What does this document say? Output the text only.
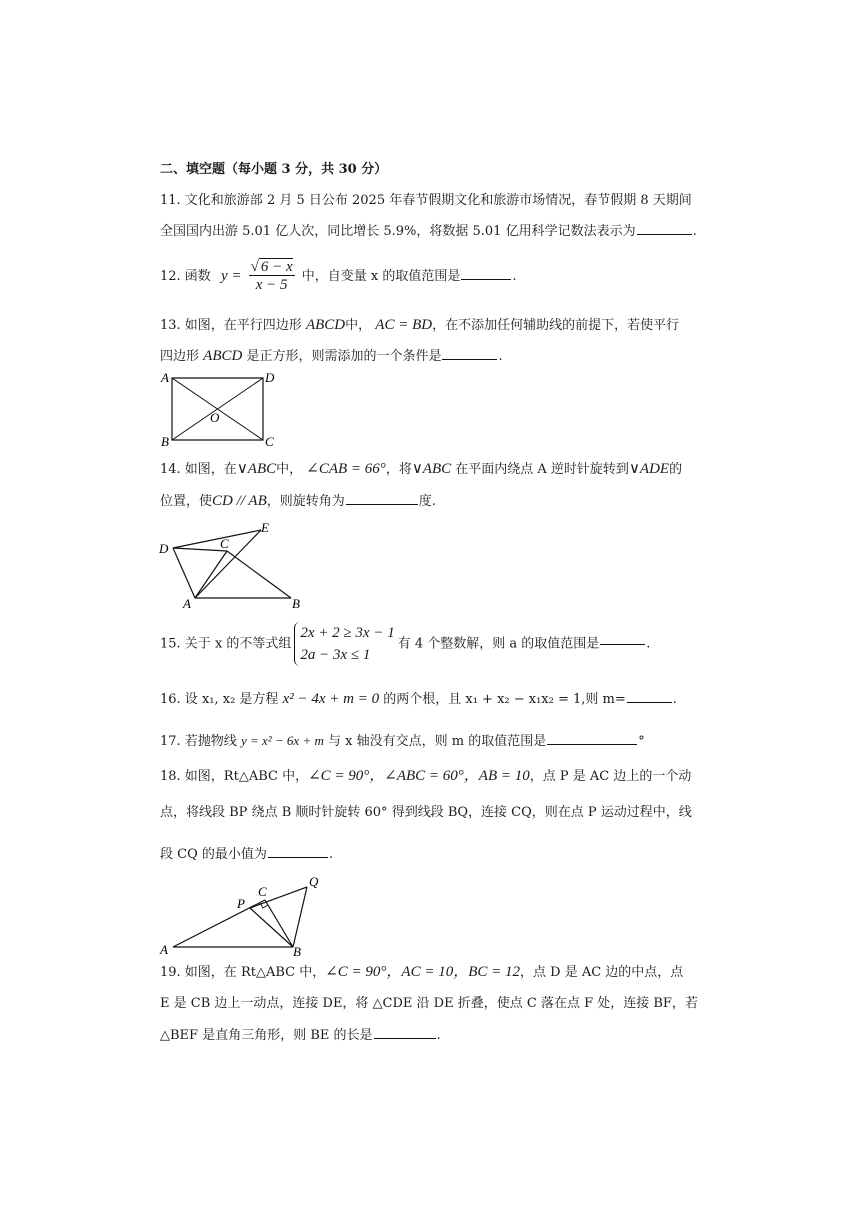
二、填空题（每小题 3 分，共 30 分）
11. 文化和旅游部 2 月 5 日公布 2025 年春节假期文化和旅游市场情况，春节假期 8 天期间
全国国内出游 5.01 亿人次，同比增长 5.9%，将数据 5.01 亿用科学记数法表示为	.
12. 函数 $y = \frac{√ 6 - x}{x - 5}$ 中，自变量 x 的取值范围是	.
13. 如图，在平行四边形 ABCD中， AC = BD，在不添加任何辅助线的前提下，若使平行
四边形 ABCD 是正方形，则需添加的一个条件是	.
A	D
B	C
O
14. 如图，在∨ABC中， ∠CAB = 66°，将∨ABC 在平面内绕点 A 逆时针旋转到∨ADE的
位置，使CD // AB，则旋转角为	度.
D	C
E
A	B
15. 关于 x 的不等式组
2x + 2 ≥ 3x − 1
2a − 3x ≤ 1
有 4 个整数解，则 a 的取值范围是	.
16. 设 x₁, x₂ 是方程 x² − 4x + m = 0 的两个根，且 x₁ + x₂ − x₁x₂ = 1,则 m=	.
17. 若抛物线 y = x² − 6x + m 与 x 轴没有交点，则 m 的取值范围是	°
18. 如图，Rt△ABC 中，∠C = 90°，∠ABC = 60°，AB = 10，点 P 是 AC 边上的一个动
点，将线段 BP 绕点 B 顺时针旋转 60° 得到线段 BQ，连接 CQ，则在点 P 运动过程中，线
段 CQ 的最小值为	.
A	B
C
P
Q
19. 如图，在 Rt△ABC 中，∠C = 90°，AC = 10，BC = 12，点 D 是 AC 边的中点，点
E 是 CB 边上一动点，连接 DE，将 △CDE 沿 DE 折叠，使点 C 落在点 F 处，连接 BF，若
△BEF 是直角三角形，则 BE 的长是	.
